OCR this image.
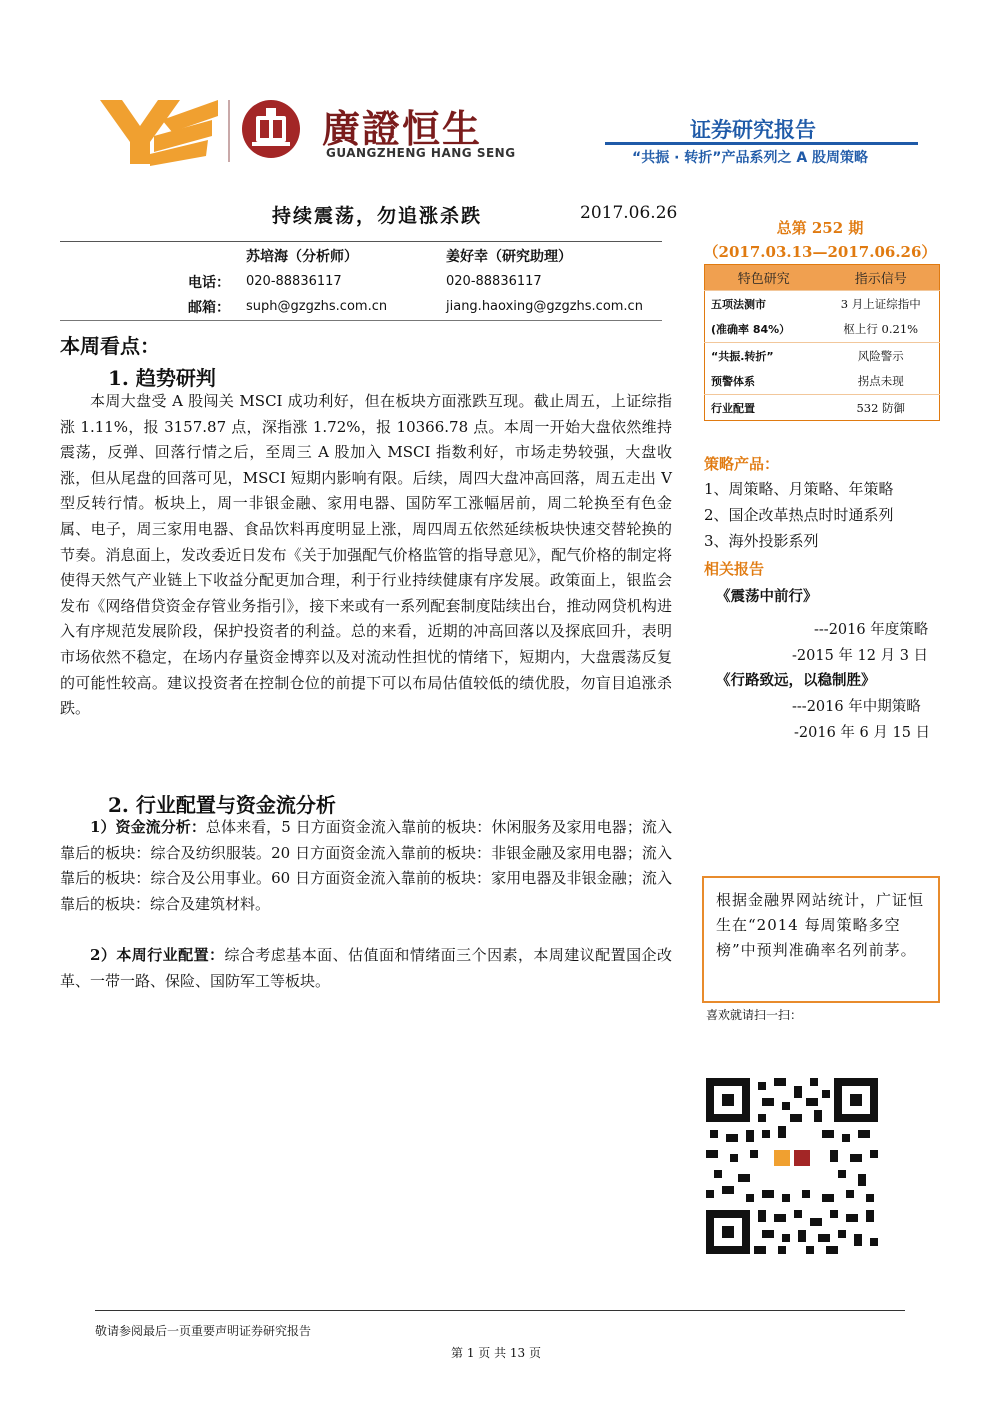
廣證恒生
GUANGZHENG HANG SENG
证券研究报告
“共振 · 转折”产品系列之 A 股周策略
持续震荡，勿追涨杀跌	2017.06.26
苏培海（分析师）	姜好幸（研究助理）
电话： 020-88836117	020-88836117
邮箱： suph@gzgzhs.com.cn	jiang.haoxing@gzgzhs.com.cn
本周看点：
1. 趋势研判
本周大盘受 A 股闯关 MSCI 成功利好，但在板块方面涨跌互现。截止周五，上证综指涨 1.11%，报 3157.87 点，深指涨 1.72%，报 10366.78 点。本周一开始大盘依然维持震荡，反弹、回落行情之后，至周三 A 股加入 MSCI 指数利好，市场走势较强，大盘收涨，但从尾盘的回落可见，MSCI 短期内影响有限。后续，周四大盘冲高回落，周五走出 V 型反转行情。板块上，周一非银金融、家用电器、国防军工涨幅居前，周二轮换至有色金属、电子，周三家用电器、食品饮料再度明显上涨，周四周五依然延续板块快速交替轮换的节奏。消息面上，发改委近日发布《关于加强配气价格监管的指导意见》，配气价格的制定将使得天然气产业链上下收益分配更加合理，利于行业持续健康有序发展。政策面上，银监会发布《网络借贷资金存管业务指引》，接下来或有一系列配套制度陆续出台，推动网贷机构进入有序规范发展阶段，保护投资者的利益。总的来看，近期的冲高回落以及探底回升，表明市场依然不稳定，在场内存量资金博弈以及对流动性担忧的情绪下，短期内，大盘震荡反复的可能性较高。建议投资者在控制仓位的前提下可以布局估值较低的绩优股，勿盲目追涨杀跌。
2. 行业配置与资金流分析
1）资金流分析：总体来看，5 日方面资金流入靠前的板块：休闲服务及家用电器；流入靠后的板块：综合及纺织服装。20 日方面资金流入靠前的板块：非银金融及家用电器；流入靠后的板块：综合及公用事业。60 日方面资金流入靠前的板块：家用电器及非银金融；流入靠后的板块：综合及建筑材料。
2）本周行业配置：综合考虑基本面、估值面和情绪面三个因素，本周建议配置国企改革、一带一路、保险、国防军工等板块。
总第 252 期
（2017.03.13—2017.06.26）
特色研究	指示信号
五项法测市	3 月上证综指中
(准确率 84%）	枢上行 0.21%
“共振.转折”	风险警示
预警体系	拐点未现
行业配置	532 防御
策略产品：
1、周策略、月策略、年策略
2、国企改革热点时时通系列
3、海外投影系列
相关报告
《震荡中前行》
---2016 年度策略
-2015 年 12 月 3 日
《行路致远，以稳制胜》
---2016 年中期策略
-2016 年 6 月 15 日
根据金融界网站统计，广证恒生在“2014 每周策略多空榜”中预判准确率名列前茅。
喜欢就请扫一扫：
敬请参阅最后一页重要声明证券研究报告
第 1 页 共 13 页
